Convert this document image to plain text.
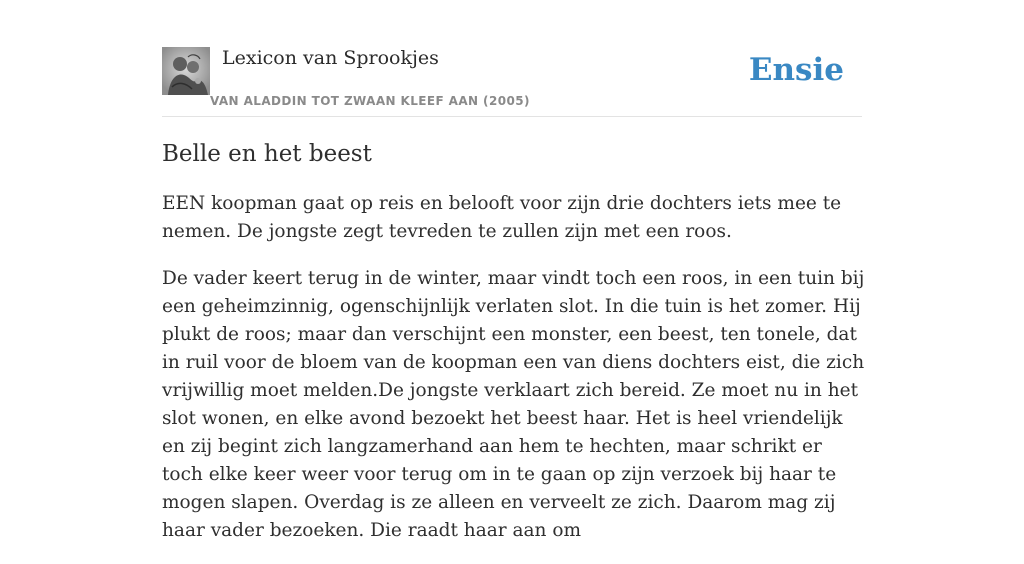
Lexicon van Sprookjes
VAN ALADDIN TOT ZWAAN KLEEF AAN (2005)
Ensie
Belle en het beest

EEN koopman gaat op reis en belooft voor zijn drie dochters iets mee te nemen. De jongste zegt tevreden te zullen zijn met een roos.

De vader keert terug in de winter, maar vindt toch een roos, in een tuin bij een geheimzinnig, ogenschijnlijk verlaten slot. In die tuin is het zomer. Hij plukt de roos; maar dan verschijnt een monster, een beest, ten tonele, dat in ruil voor de bloem van de koopman een van diens dochters eist, die zich vrijwillig moet melden.De jongste verklaart zich bereid. Ze moet nu in het slot wonen, en elke avond bezoekt het beest haar. Het is heel vriendelijk en zij begint zich langzamerhand aan hem te hechten, maar schrikt er toch elke keer weer voor terug om in te gaan op zijn verzoek bij haar te mogen slapen. Overdag is ze alleen en verveelt ze zich. Daarom mag zij haar vader bezoeken. Die raadt haar aan om
